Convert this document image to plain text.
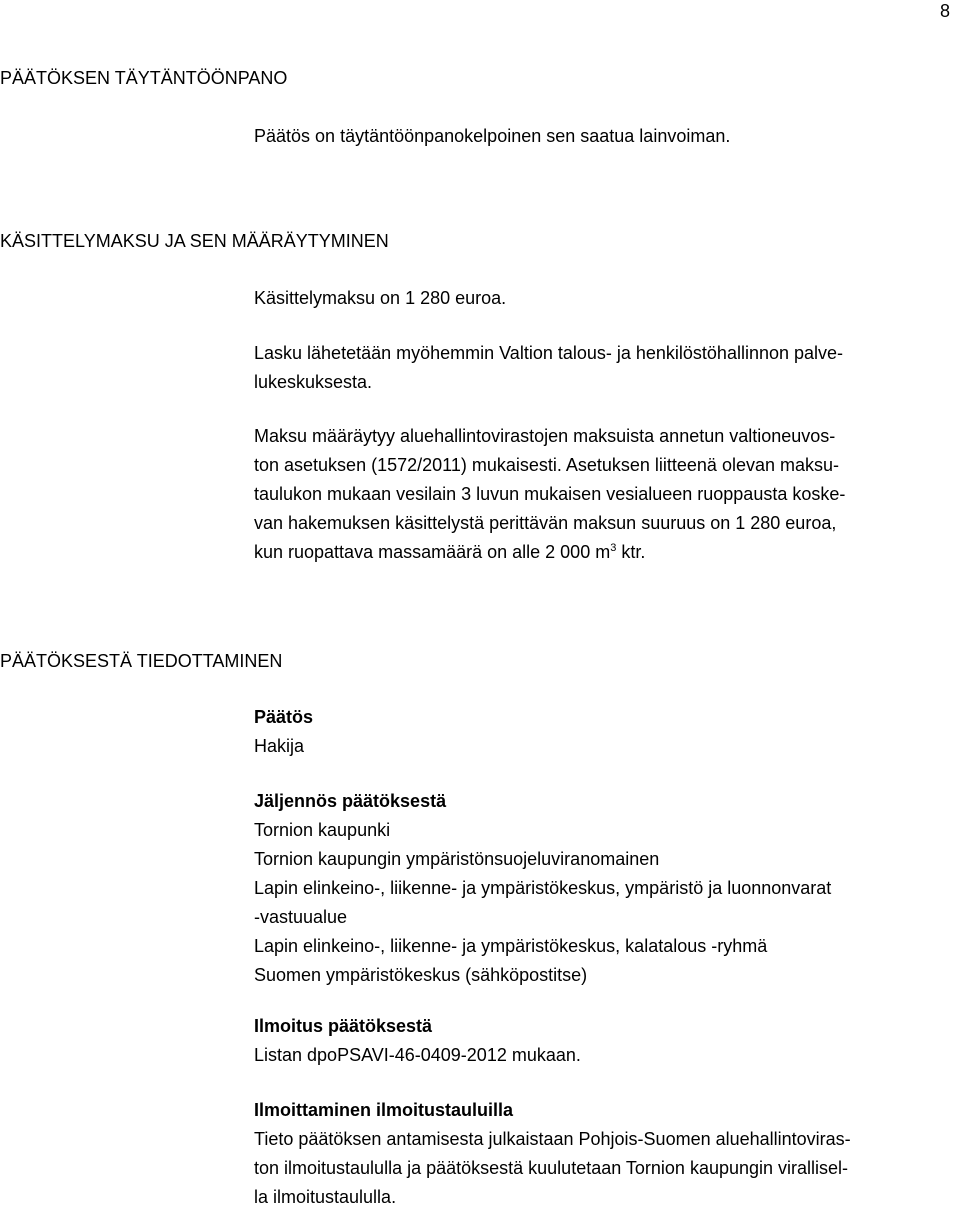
8
PÄÄTÖKSEN TÄYTÄNTÖÖNPANO

Päätös on täytäntöönpanokelpoinen sen saatua lainvoiman.

KÄSITTELYMAKSU JA SEN MÄÄRÄYTYMINEN

Käsittelymaksu on 1 280 euroa.

Lasku lähetetään myöhemmin Valtion talous- ja henkilöstöhallinnon palve-
lukeskuksesta.

Maksu määräytyy aluehallintovirastojen maksuista annetun valtioneuvos-
ton asetuksen (1572/2011) mukaisesti. Asetuksen liitteenä olevan maksu-
taulukon mukaan vesilain 3 luvun mukaisen vesialueen ruoppausta koske-
van hakemuksen käsittelystä perittävän maksun suuruus on 1 280 euroa,
kun ruopattava massamäärä on alle 2 000 $m^3$ ktr.

PÄÄTÖKSESTÄ TIEDOTTAMINEN
Päätös
Hakija
Jäljennös päätöksestä
Tornion kaupunki
Tornion kaupungin ympäristönsuojeluviranomainen
Lapin elinkeino-, liikenne- ja ympäristökeskus, ympäristö ja luonnonvarat
-vastuualue
Lapin elinkeino-, liikenne- ja ympäristökeskus, kalatalous -ryhmä
Suomen ympäristökeskus (sähköpostitse)
Ilmoitus päätöksestä
Listan dpoPSAVI-46-0409-2012 mukaan.
Ilmoittaminen ilmoitustauluilla

Tieto päätöksen antamisesta julkaistaan Pohjois-Suomen aluehallintoviras-
ton ilmoitustaululla ja päätöksestä kuulutetaan Tornion kaupungin virallisel-
la ilmoitustaululla.
